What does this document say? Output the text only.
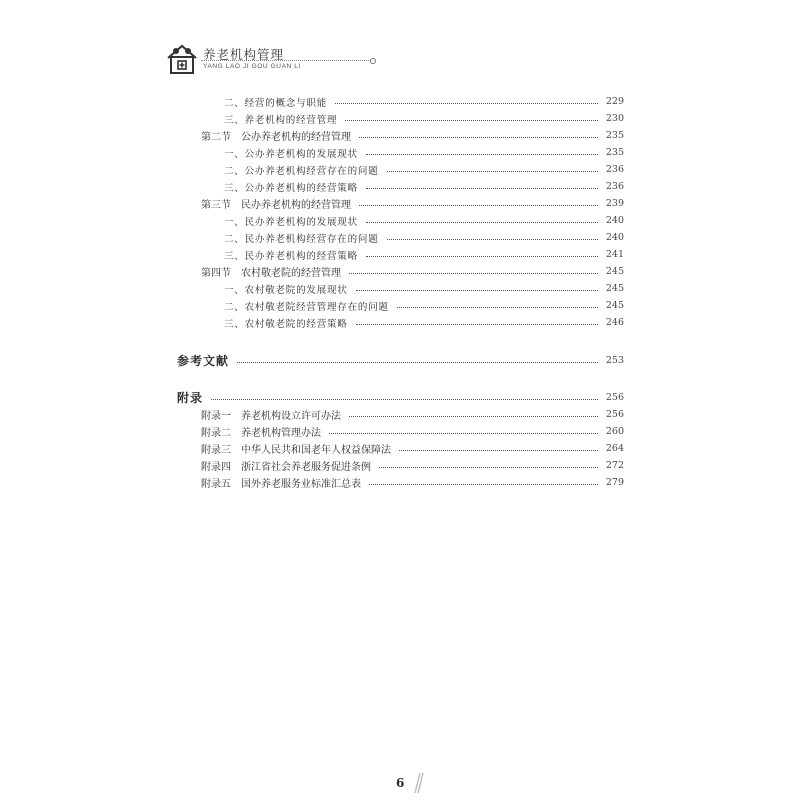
养老机构管理
YANG LAO JI GOU GUAN LI
二、经营的概念与职能	229
三、养老机构的经营管理	230
第二节　公办养老机构的经营管理	235
一、公办养老机构的发展现状	235
二、公办养老机构经营存在的问题	236
三、公办养老机构的经营策略	236
第三节　民办养老机构的经营管理	239
一、民办养老机构的发展现状	240
二、民办养老机构经营存在的问题	240
三、民办养老机构的经营策略	241
第四节　农村敬老院的经营管理	245
一、农村敬老院的发展现状	245
二、农村敬老院经营管理存在的问题	245
三、农村敬老院的经营策略	246
参考文献	253
附录	256
附录一　养老机构设立许可办法	256
附录二　养老机构管理办法	260
附录三　中华人民共和国老年人权益保障法	264
附录四　浙江省社会养老服务促进条例	272
附录五　国外养老服务业标准汇总表	279
6
